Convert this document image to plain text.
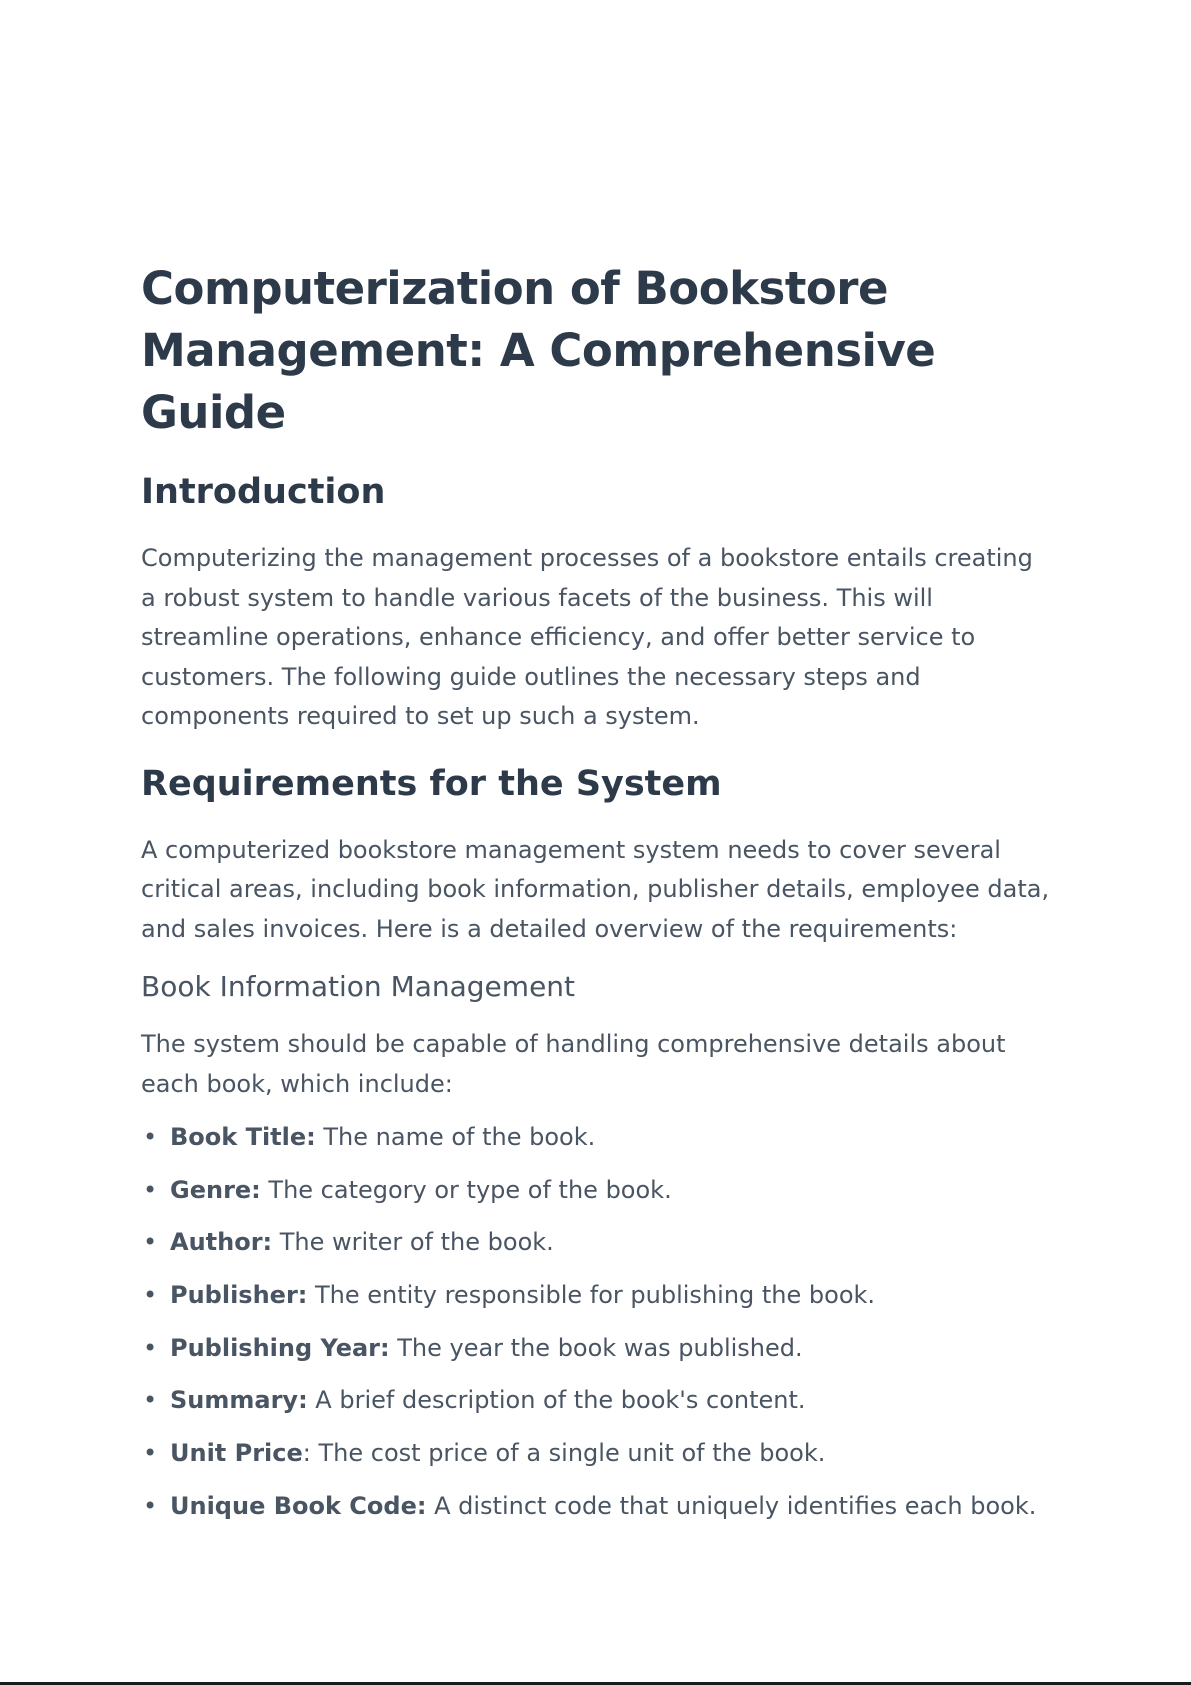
Computerization of Bookstore Management: A Comprehensive Guide
Introduction

Computerizing the management processes of a bookstore entails creating a robust system to handle various facets of the business. This will streamline operations, enhance efficiency, and offer better service to customers. The following guide outlines the necessary steps and components required to set up such a system.

Requirements for the System

A computerized bookstore management system needs to cover several critical areas, including book information, publisher details, employee data, and sales invoices. Here is a detailed overview of the requirements:

Book Information Management

The system should be capable of handling comprehensive details about each book, which include:

• Book Title: The name of the book.
• Genre: The category or type of the book.
• Author: The writer of the book.
• Publisher: The entity responsible for publishing the book.
• Publishing Year: The year the book was published.
• Summary: A brief description of the book's content.
• Unit Price: The cost price of a single unit of the book.
• Unique Book Code: A distinct code that uniquely identifies each book.
